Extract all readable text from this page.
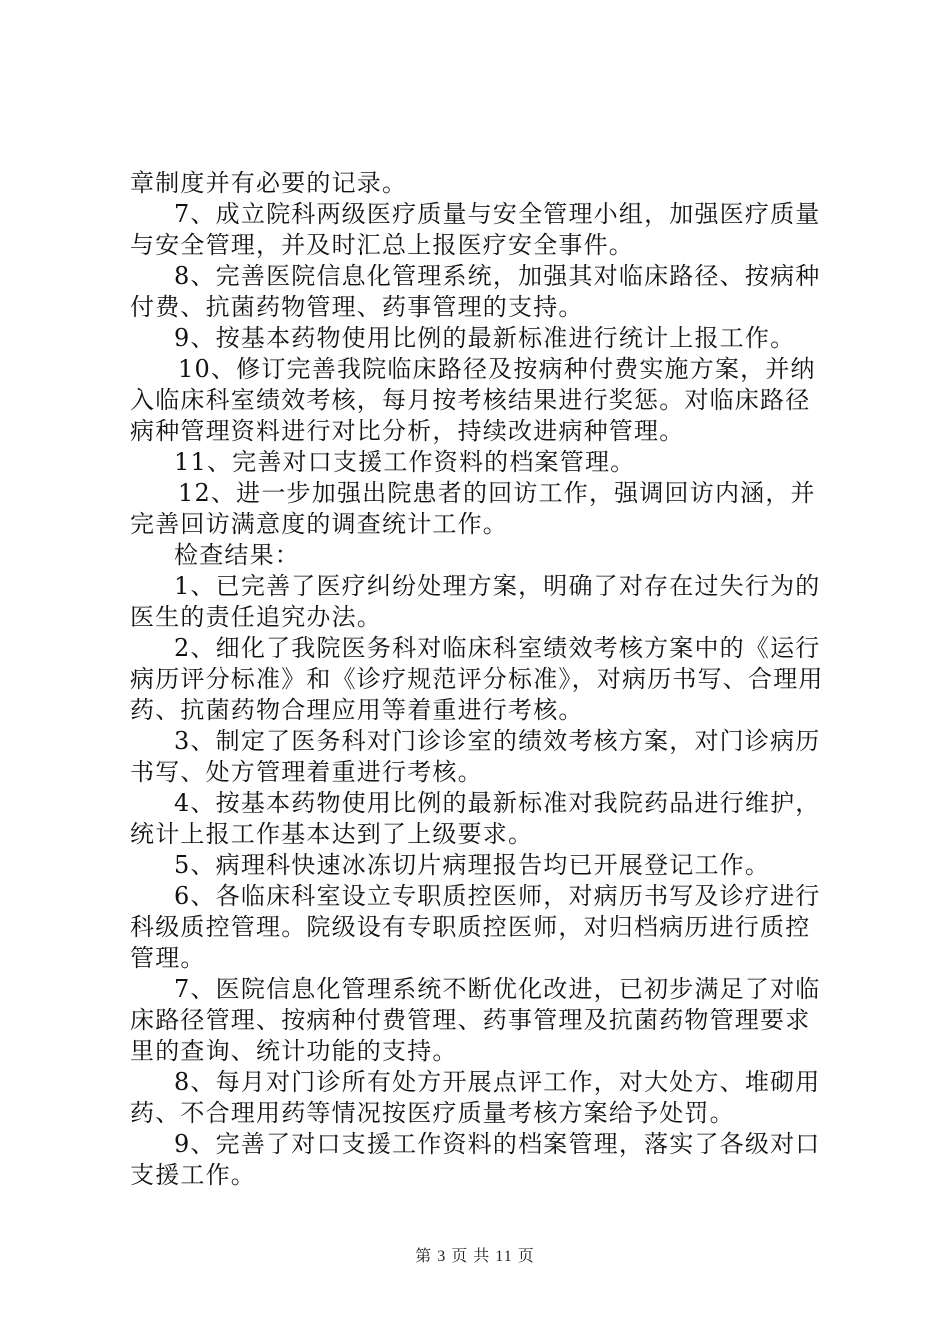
章制度并有必要的记录。

7、成立院科两级医疗质量与安全管理小组，加强医疗质量与安全管理，并及时汇总上报医疗安全事件。

8、完善医院信息化管理系统，加强其对临床路径、按病种付费、抗菌药物管理、药事管理的支持。

9、按基本药物使用比例的最新标准进行统计上报工作。

10、修订完善我院临床路径及按病种付费实施方案，并纳入临床科室绩效考核，每月按考核结果进行奖惩。对临床路径病种管理资料进行对比分析，持续改进病种管理。

11、完善对口支援工作资料的档案管理。

12、进一步加强出院患者的回访工作，强调回访内涵，并完善回访满意度的调查统计工作。

检查结果：

1、已完善了医疗纠纷处理方案，明确了对存在过失行为的医生的责任追究办法。

2、细化了我院医务科对临床科室绩效考核方案中的《运行病历评分标准》和《诊疗规范评分标准》，对病历书写、合理用药、抗菌药物合理应用等着重进行考核。

3、制定了医务科对门诊诊室的绩效考核方案，对门诊病历书写、处方管理着重进行考核。

4、按基本药物使用比例的最新标准对我院药品进行维护，统计上报工作基本达到了上级要求。

5、病理科快速冰冻切片病理报告均已开展登记工作。

6、各临床科室设立专职质控医师，对病历书写及诊疗进行科级质控管理。院级设有专职质控医师，对归档病历进行质控管理。

7、医院信息化管理系统不断优化改进，已初步满足了对临床路径管理、按病种付费管理、药事管理及抗菌药物管理要求里的查询、统计功能的支持。

8、每月对门诊所有处方开展点评工作，对大处方、堆砌用药、不合理用药等情况按医疗质量考核方案给予处罚。

9、完善了对口支援工作资料的档案管理，落实了各级对口支援工作。

第 3 页 共 11 页
